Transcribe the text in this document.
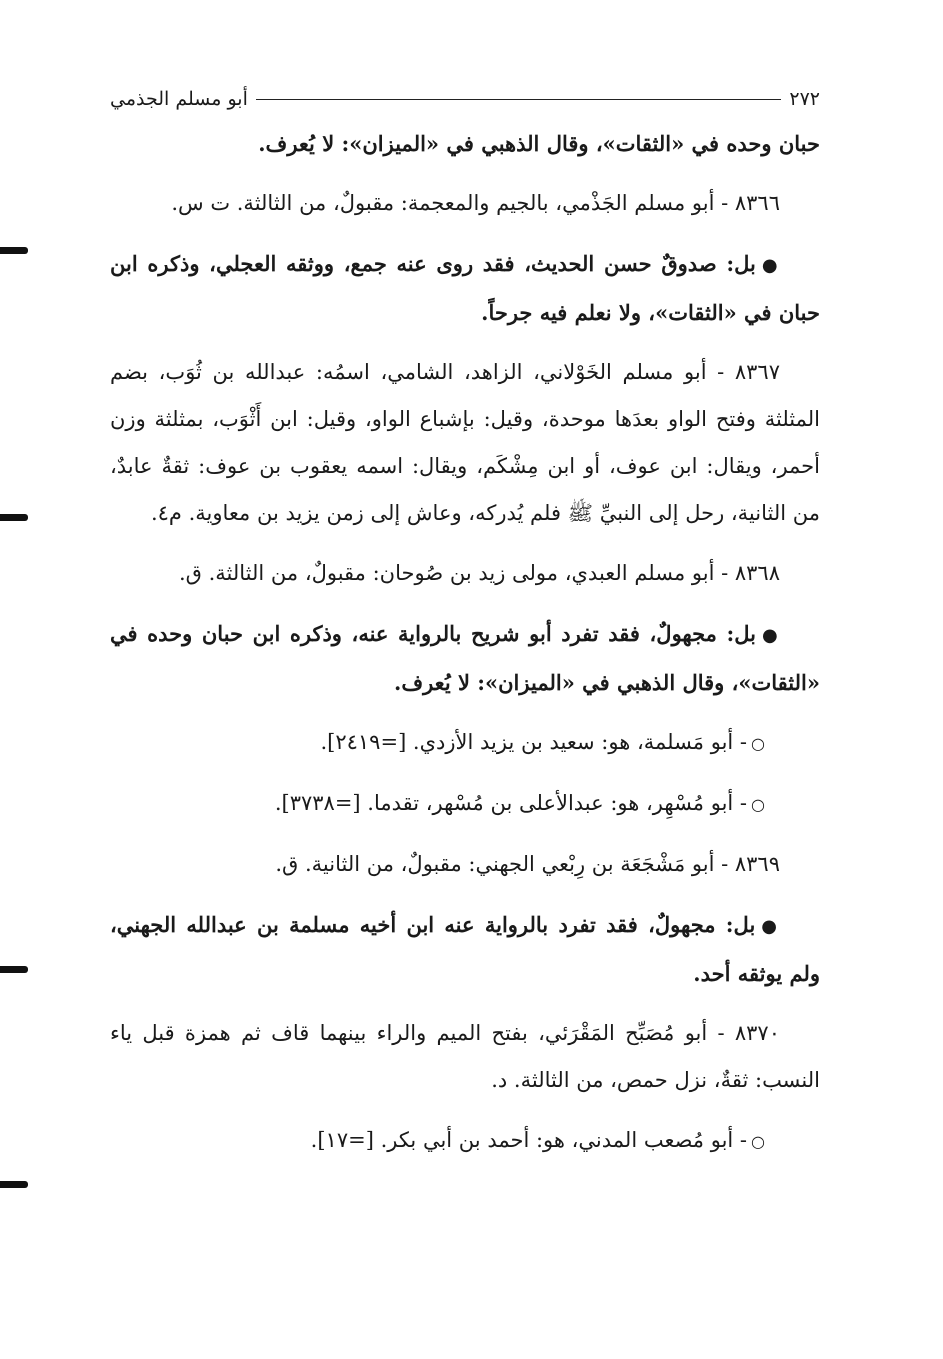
٢٧٢
أبو مسلم الجذمي

حبان وحده في «الثقات»، وقال الذهبي في «الميزان»: لا يُعرف.

٨٣٦٦ - أبو مسلم الجَذْمي، بالجيم والمعجمة: مقبولٌ، من الثالثة. ت س.

●بل: صدوقٌ حسن الحديث، فقد روى عنه جمع، ووثقه العجلي، وذكره ابن حبان في «الثقات»، ولا نعلم فيه جرحاً.

٨٣٦٧ - أبو مسلم الخَوْلاني، الزاهد، الشامي، اسمُه: عبدالله بن ثُوَب، بضم المثلثة وفتح الواو بعدَها موحدة، وقيل: بإشباع الواو، وقيل: ابن أَثْوَب، بمثلثة وزن أحمر، ويقال: ابن عوف، أو ابن مِشْكَم، ويقال: اسمه يعقوب بن عوف: ثقةٌ عابدٌ، من الثانية، رحل إلى النبيِّ ﷺ فلم يُدركه، وعاش إلى زمن يزيد بن معاوية. م٤.

٨٣٦٨ - أبو مسلم العبدي، مولى زيد بن صُوحان: مقبولٌ، من الثالثة. ق.

●بل: مجهولٌ، فقد تفرد أبو شريح بالرواية عنه، وذكره ابن حبان وحده في «الثقات»، وقال الذهبي في «الميزان»: لا يُعرف.

○- أبو مَسلمة، هو: سعيد بن يزيد الأزدي. [=٢٤١٩].

○- أبو مُسْهِر، هو: عبدالأعلى بن مُسْهر، تقدما. [=٣٧٣٨].

٨٣٦٩ - أبو مَشْجَعَة بن رِبْعي الجهني: مقبولٌ، من الثانية. ق.

●بل: مجهولٌ، فقد تفرد بالرواية عنه ابن أخيه مسلمة بن عبدالله الجهني، ولم يوثقه أحد.

٨٣٧٠ - أبو مُصَبِّح المَقْرَئي، بفتح الميم والراء بينهما قاف ثم همزة قبل ياء النسب: ثقةٌ، نزل حمص، من الثالثة. د.

○- أبو مُصعب المدني، هو: أحمد بن أبي بكر. [=١٧].
